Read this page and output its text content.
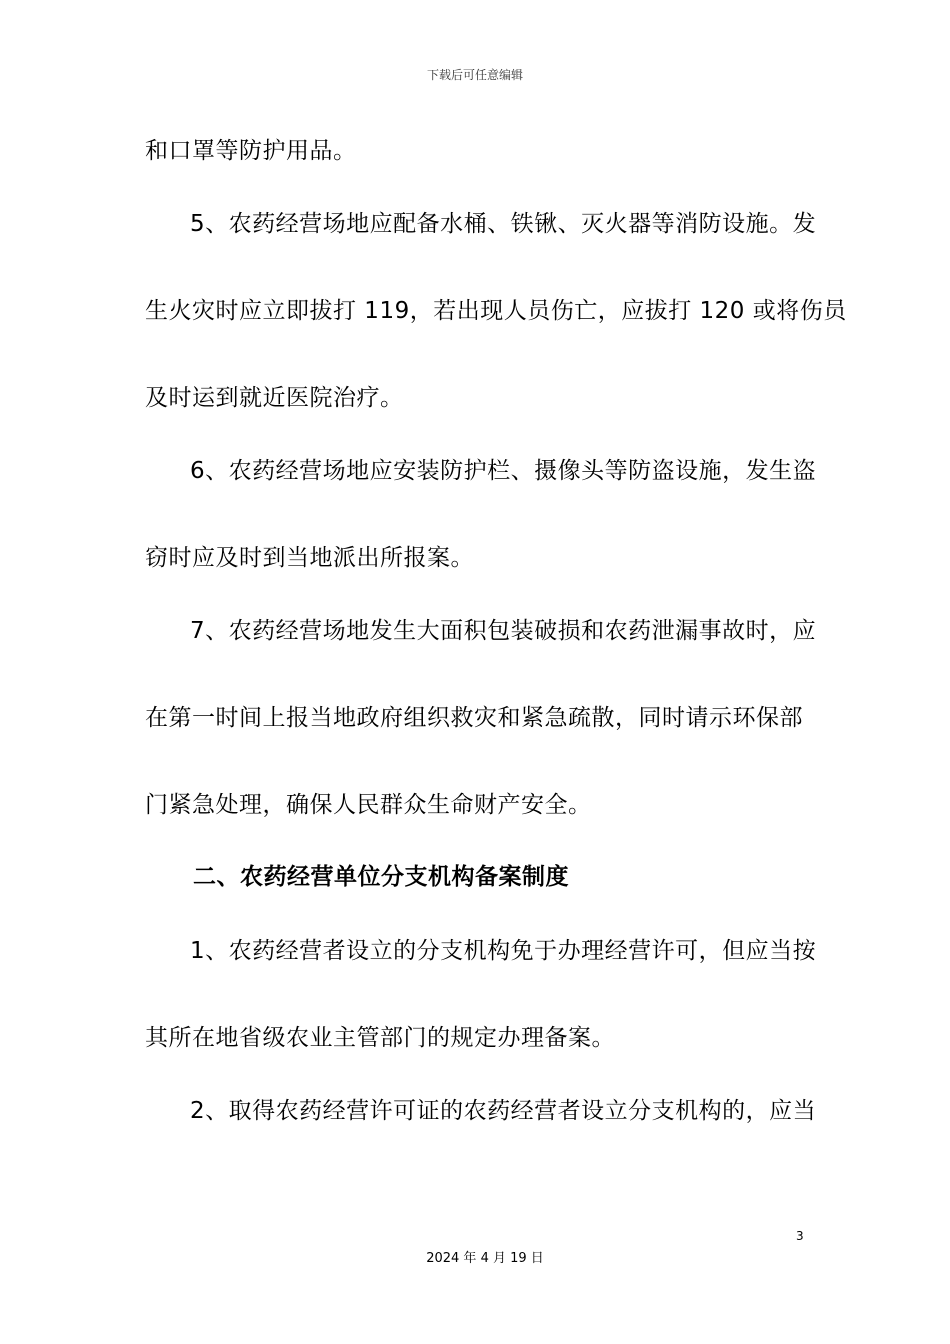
下载后可任意编辑
和口罩等防护用品。
5、农药经营场地应配备水桶、铁锹、灭火器等消防设施。发
生火灾时应立即拔打 119，若出现人员伤亡，应拔打 120 或将伤员
及时运到就近医院治疗。
6、农药经营场地应安装防护栏、摄像头等防盗设施，发生盗
窃时应及时到当地派出所报案。
7、农药经营场地发生大面积包装破损和农药泄漏事故时，应
在第一时间上报当地政府组织救灾和紧急疏散，同时请示环保部
门紧急处理，确保人民群众生命财产安全。
二、农药经营单位分支机构备案制度
1、农药经营者设立的分支机构免于办理经营许可，但应当按
其所在地省级农业主管部门的规定办理备案。
2、取得农药经营许可证的农药经营者设立分支机构的，应当
3
2024 年 4 月 19 日
